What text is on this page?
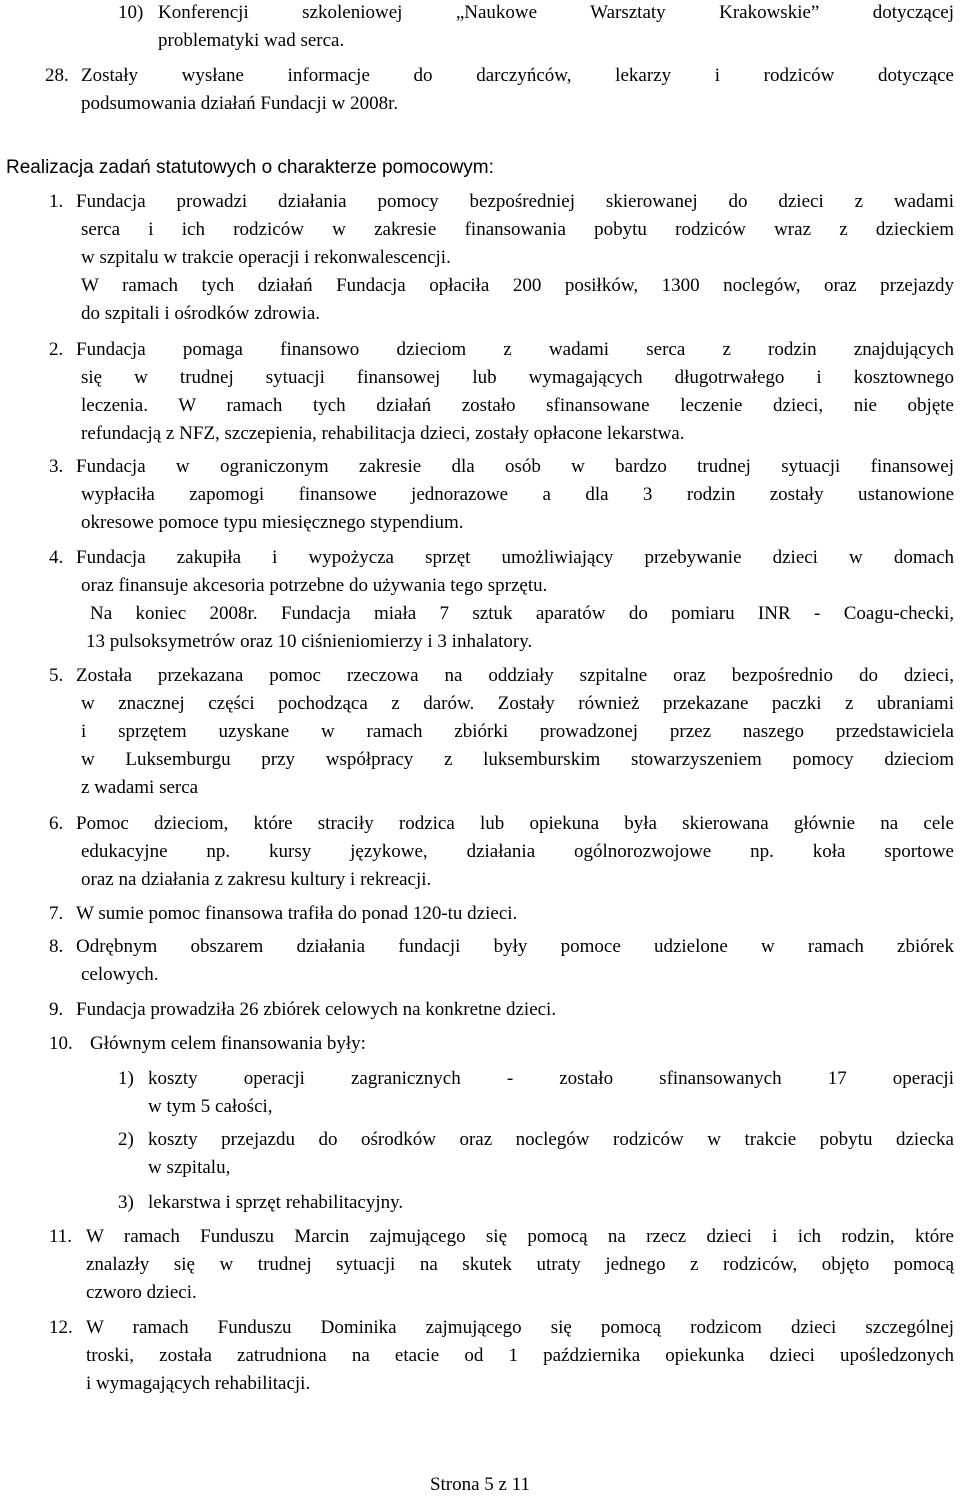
10) Konferencji szkoleniowej „Naukowe Warsztaty Krakowskie” dotyczącej
problematyki wad serca.
28. Zostały wysłane informacje do darczyńców, lekarzy i rodziców dotyczące
podsumowania działań Fundacji w 2008r.
Realizacja zadań statutowych o charakterze pomocowym:
1. Fundacja prowadzi działania pomocy bezpośredniej skierowanej do dzieci z wadami
serca i ich rodziców w zakresie finansowania pobytu rodziców wraz z dzieckiem
w szpitalu w trakcie operacji i rekonwalescencji.
W ramach tych działań Fundacja opłaciła 200 posiłków, 1300 noclegów, oraz przejazdy
do szpitali i ośrodków zdrowia.
2. Fundacja pomaga finansowo dzieciom z wadami serca z rodzin znajdujących
się w trudnej sytuacji finansowej lub wymagających długotrwałego i kosztownego
leczenia. W ramach tych działań zostało sfinansowane leczenie dzieci, nie objęte
refundacją z NFZ, szczepienia, rehabilitacja dzieci, zostały opłacone lekarstwa.
3. Fundacja w ograniczonym zakresie dla osób w bardzo trudnej sytuacji finansowej
wypłaciła zapomogi finansowe jednorazowe a dla 3 rodzin zostały ustanowione
okresowe pomoce typu miesięcznego stypendium.
4. Fundacja zakupiła i wypożycza sprzęt umożliwiający przebywanie dzieci w domach
oraz finansuje akcesoria potrzebne do używania tego sprzętu.
Na koniec 2008r. Fundacja miała 7 sztuk aparatów do pomiaru INR - Coagu-checki,
13 pulsoksymetrów oraz 10 ciśnieniomierzy i 3 inhalatory.
5. Została przekazana pomoc rzeczowa na oddziały szpitalne oraz bezpośrednio do dzieci,
w znacznej części pochodząca z darów. Zostały również przekazane paczki z ubraniami
i sprzętem uzyskane w ramach zbiórki prowadzonej przez naszego przedstawiciela
w Luksemburgu przy współpracy z luksemburskim stowarzyszeniem pomocy dzieciom
z wadami serca
6. Pomoc dzieciom, które straciły rodzica lub opiekuna była skierowana głównie na cele
edukacyjne np. kursy językowe, działania ogólnorozwojowe np. koła sportowe
oraz na działania z zakresu kultury i rekreacji.
7. W sumie pomoc finansowa trafiła do ponad 120-tu dzieci.
8. Odrębnym obszarem działania fundacji były pomoce udzielone w ramach zbiórek
celowych.
9. Fundacja prowadziła 26 zbiórek celowych na konkretne dzieci.
10. Głównym celem finansowania były:
1) koszty operacji zagranicznych - zostało sfinansowanych 17 operacji
w tym 5 całości,
2) koszty przejazdu do ośrodków oraz noclegów rodziców w trakcie pobytu dziecka
w szpitalu,
3) lekarstwa i sprzęt rehabilitacyjny.
11. W ramach Funduszu Marcin zajmującego się pomocą na rzecz dzieci i ich rodzin, które
znalazły się w trudnej sytuacji na skutek utraty jednego z rodziców, objęto pomocą
czworo dzieci.
12. W ramach Funduszu Dominika zajmującego się pomocą rodzicom dzieci szczególnej
troski, została zatrudniona na etacie od 1 października opiekunka dzieci upośledzonych
i wymagających rehabilitacji.
Strona 5 z 11
